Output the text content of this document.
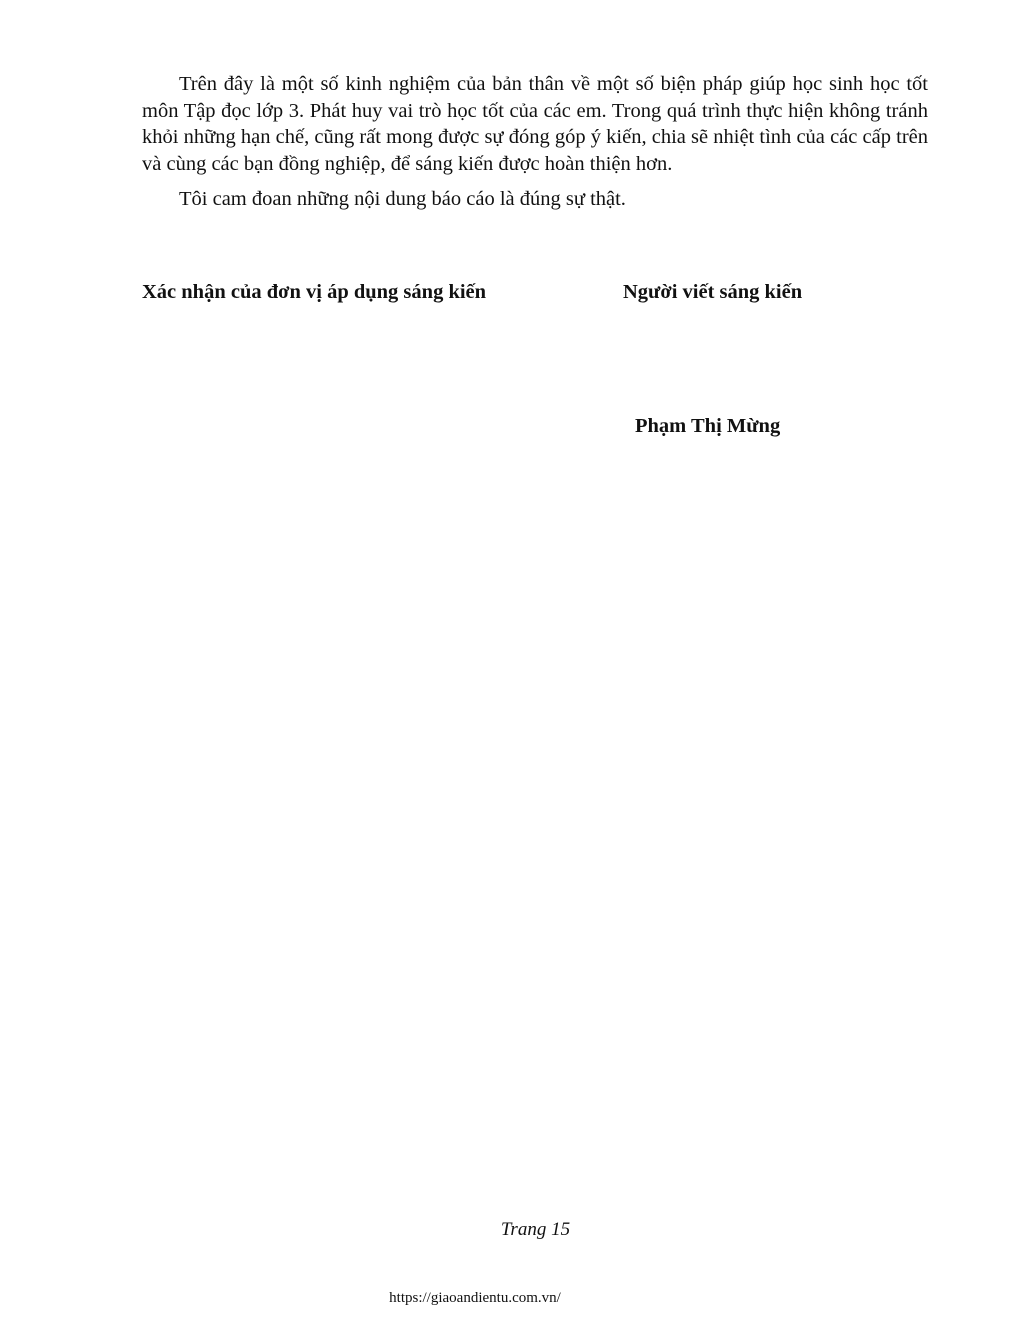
Trên đây là một số kinh nghiệm của bản thân về một số biện pháp giúp học sinh học tốt môn Tập đọc lớp 3. Phát huy vai trò học tốt của các em. Trong quá trình thực hiện không tránh khỏi những hạn chế, cũng rất mong được sự đóng góp ý kiến, chia sẽ nhiệt tình của các cấp trên và cùng các bạn đồng nghiệp, để sáng kiến được hoàn thiện hơn.

Tôi cam đoan những nội dung báo cáo là đúng sự thật.

Xác nhận của đơn vị áp dụng sáng kiến	Người viết sáng kiến
Phạm Thị Mừng
Trang 15
https://giaoandientu.com.vn/
